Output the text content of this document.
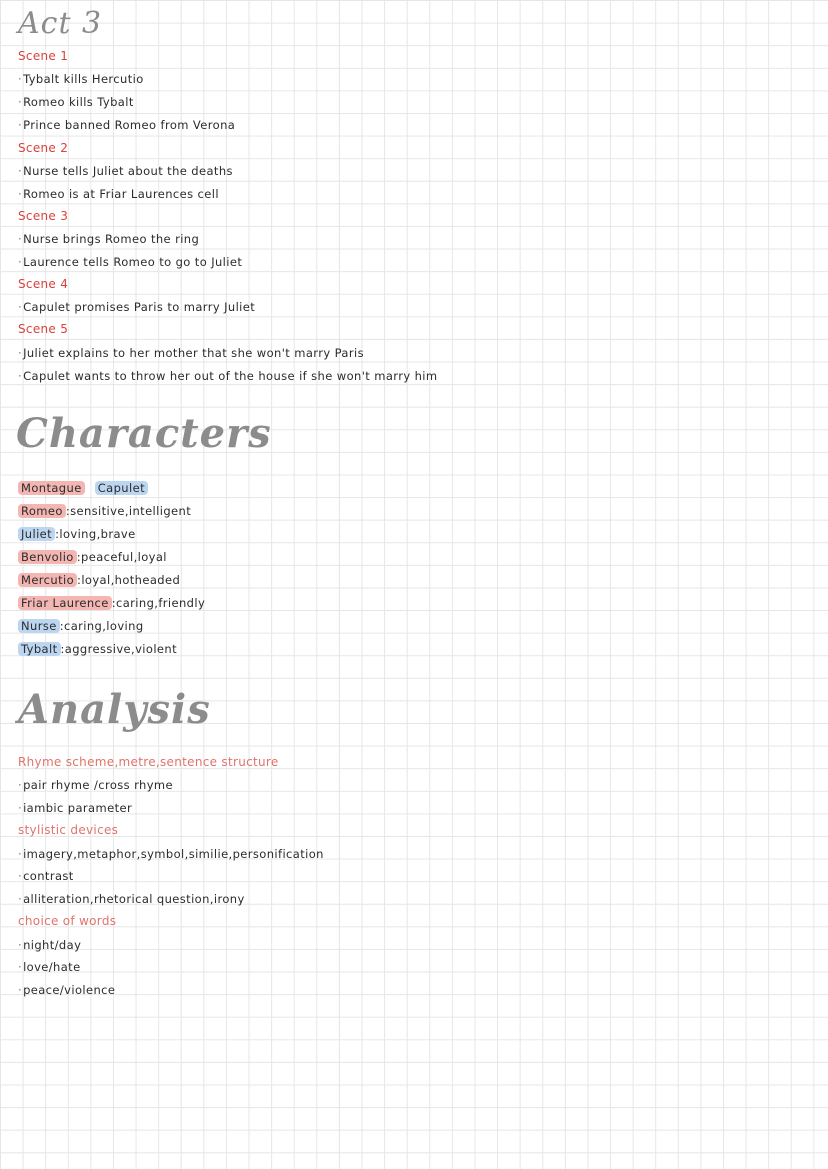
Act 3
Scene 1
·Tybalt kills Hercutio
·Romeo kills Tybalt
·Prince banned Romeo from Verona
Scene 2
·Nurse tells Juliet about the deaths
·Romeo is at Friar Laurences cell
Scene 3
·Nurse brings Romeo the ring
·Laurence tells Romeo to go to Juliet
Scene 4
·Capulet promises Paris to marry Juliet
Scene 5
·Juliet explains to her mother that she won't marry Paris
·Capulet wants to throw her out of the house if she won't marry him
Characters
Montague Capulet
Romeo :sensitive,intelligent
Juliet :loving,brave
Benvolio :peaceful,loyal
Mercutio :loyal,hotheaded
Friar Laurence :caring,friendly
Nurse :caring,loving
Tybalt :aggressive,violent
Analysis
Rhyme scheme,metre,sentence structure
·pair rhyme /cross rhyme
·iambic parameter
stylistic devices
·imagery,metaphor,symbol,similie,personification
·contrast
·alliteration,rhetorical question,irony
choice of words
·night/day
·love/hate
·peace/violence
